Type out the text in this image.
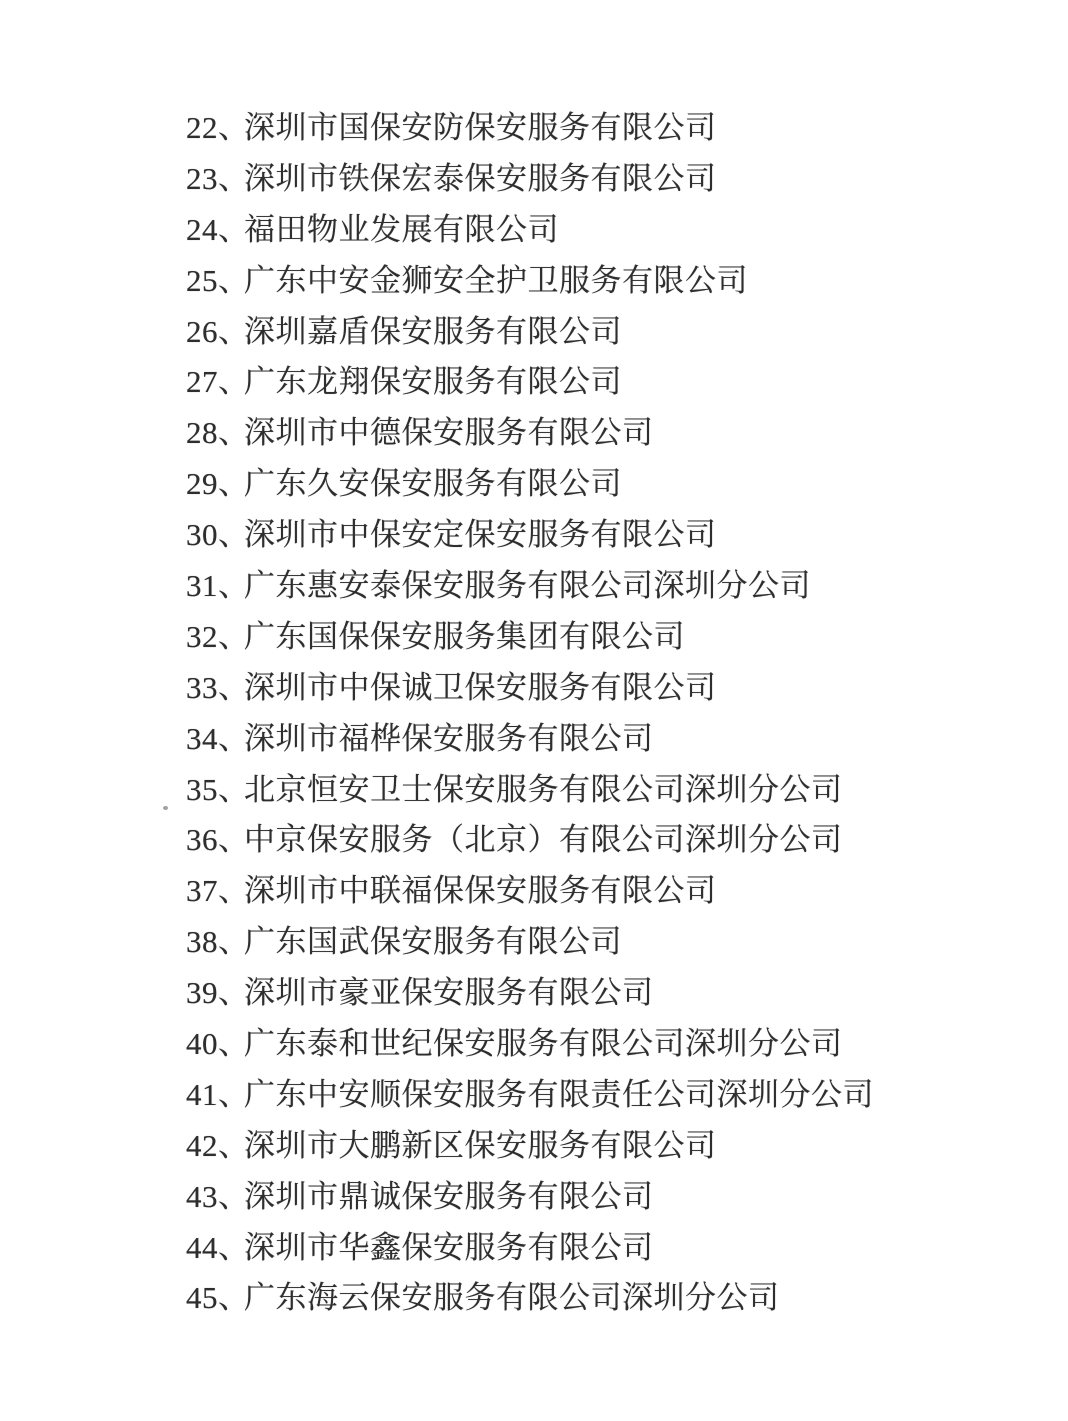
22、深圳市国保安防保安服务有限公司
23、深圳市铁保宏泰保安服务有限公司
24、福田物业发展有限公司
25、广东中安金狮安全护卫服务有限公司
26、深圳嘉盾保安服务有限公司
27、广东龙翔保安服务有限公司
28、深圳市中德保安服务有限公司
29、广东久安保安服务有限公司
30、深圳市中保安定保安服务有限公司
31、广东惠安泰保安服务有限公司深圳分公司
32、广东国保保安服务集团有限公司
33、深圳市中保诚卫保安服务有限公司
34、深圳市福桦保安服务有限公司
35、北京恒安卫士保安服务有限公司深圳分公司
36、中京保安服务（北京）有限公司深圳分公司
37、深圳市中联福保保安服务有限公司
38、广东国武保安服务有限公司
39、深圳市豪亚保安服务有限公司
40、广东泰和世纪保安服务有限公司深圳分公司
41、广东中安顺保安服务有限责任公司深圳分公司
42、深圳市大鹏新区保安服务有限公司
43、深圳市鼎诚保安服务有限公司
44、深圳市华鑫保安服务有限公司
45、广东海云保安服务有限公司深圳分公司
